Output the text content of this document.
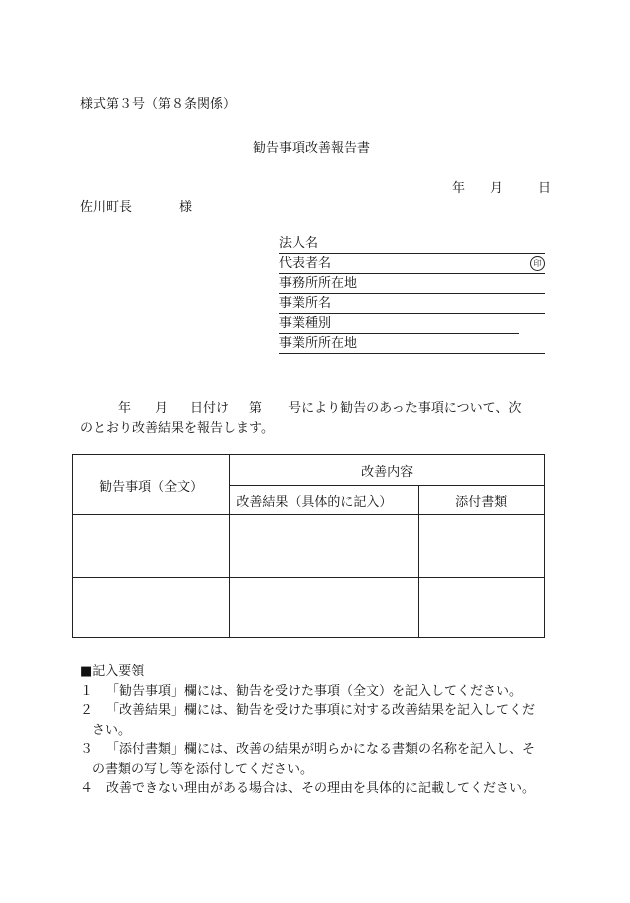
様式第３号（第８条関係）
勧告事項改善報告書
年 月	日
佐川町長	様
法人名
代表者名	印
事務所所在地
事業所名
事業種別
事業所所在地
年 月 日付け 第 号により勧告のあった事項について、次
のとおり改善結果を報告します。
勧告事項（全文）	改善内容	
	改善結果（具体的に記入）	添付書類

■記入要領
１ 「勧告事項」欄には、勧告を受けた事項（全文）を記入してください。
２ 「改善結果」欄には、勧告を受けた事項に対する改善結果を記入してくだ
さい。
３ 「添付書類」欄には、改善の結果が明らかになる書類の名称を記入し、そ
の書類の写し等を添付してください。
４ 改善できない理由がある場合は、その理由を具体的に記載してください。
